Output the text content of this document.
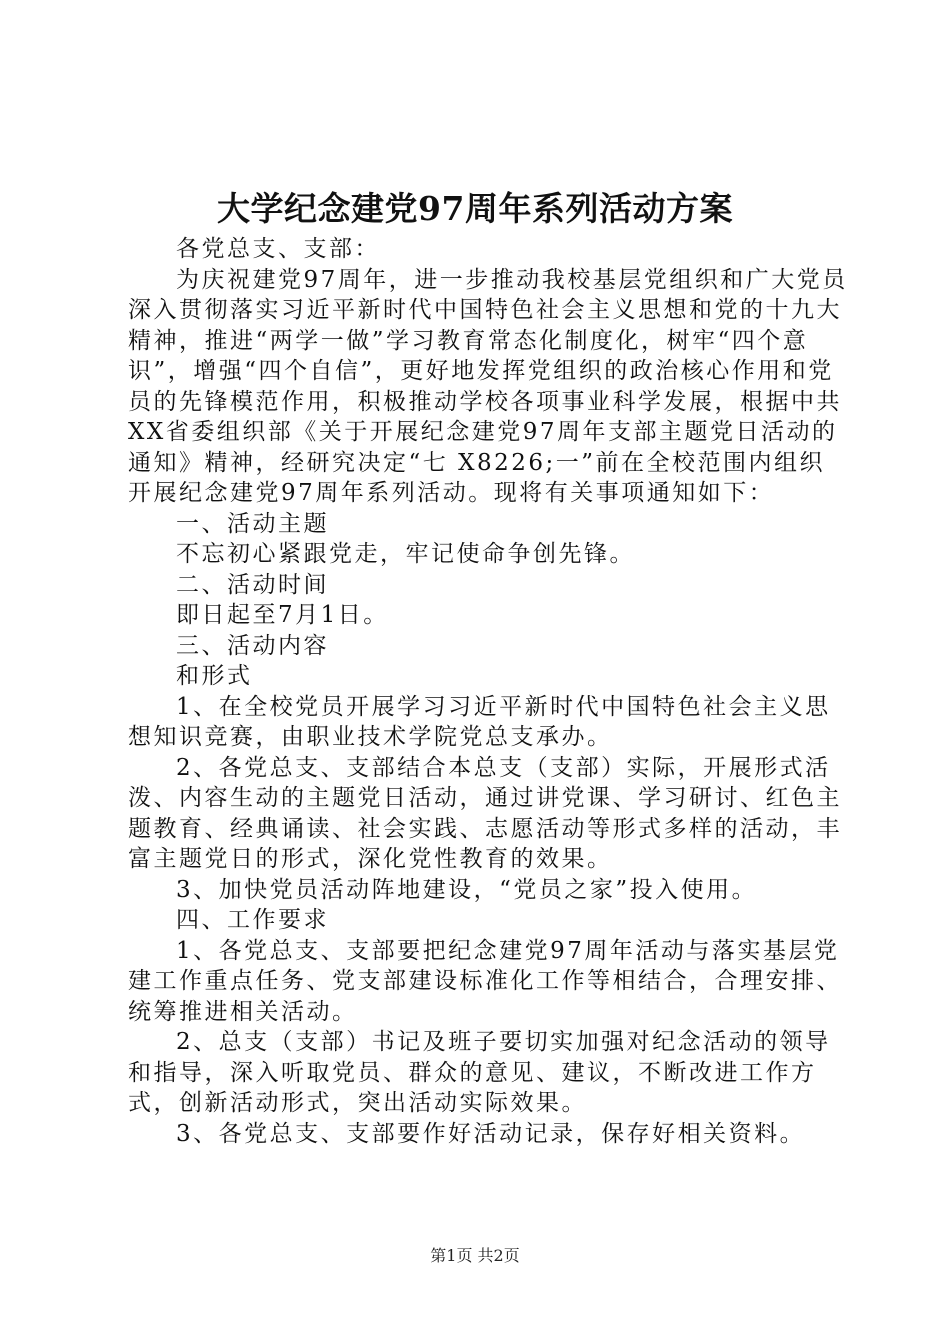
大学纪念建党97周年系列活动方案

各党总支、支部：

为庆祝建党97周年，进一步推动我校基层党组织和广大党员深入贯彻落实习近平新时代中国特色社会主义思想和党的十九大精神，推进“两学一做”学习教育常态化制度化，树牢“四个意识”，增强“四个自信”，更好地发挥党组织的政治核心作用和党员的先锋模范作用，积极推动学校各项事业科学发展，根据中共XX省委组织部《关于开展纪念建党97周年支部主题党日活动的通知》精神，经研究决定“七 X8226;一”前在全校范围内组织开展纪念建党97周年系列活动。现将有关事项通知如下：

一、活动主题

不忘初心紧跟党走，牢记使命争创先锋。

二、活动时间

即日起至7月1日。

三、活动内容

和形式

1、在全校党员开展学习习近平新时代中国特色社会主义思想知识竞赛，由职业技术学院党总支承办。

2、各党总支、支部结合本总支（支部）实际，开展形式活泼、内容生动的主题党日活动，通过讲党课、学习研讨、红色主题教育、经典诵读、社会实践、志愿活动等形式多样的活动，丰富主题党日的形式，深化党性教育的效果。

3、加快党员活动阵地建设，“党员之家”投入使用。

四、工作要求

1、各党总支、支部要把纪念建党97周年活动与落实基层党建工作重点任务、党支部建设标准化工作等相结合，合理安排、统筹推进相关活动。

2、总支（支部）书记及班子要切实加强对纪念活动的领导和指导，深入听取党员、群众的意见、建议，不断改进工作方式，创新活动形式，突出活动实际效果。

3、各党总支、支部要作好活动记录，保存好相关资料。

第1页 共2页
